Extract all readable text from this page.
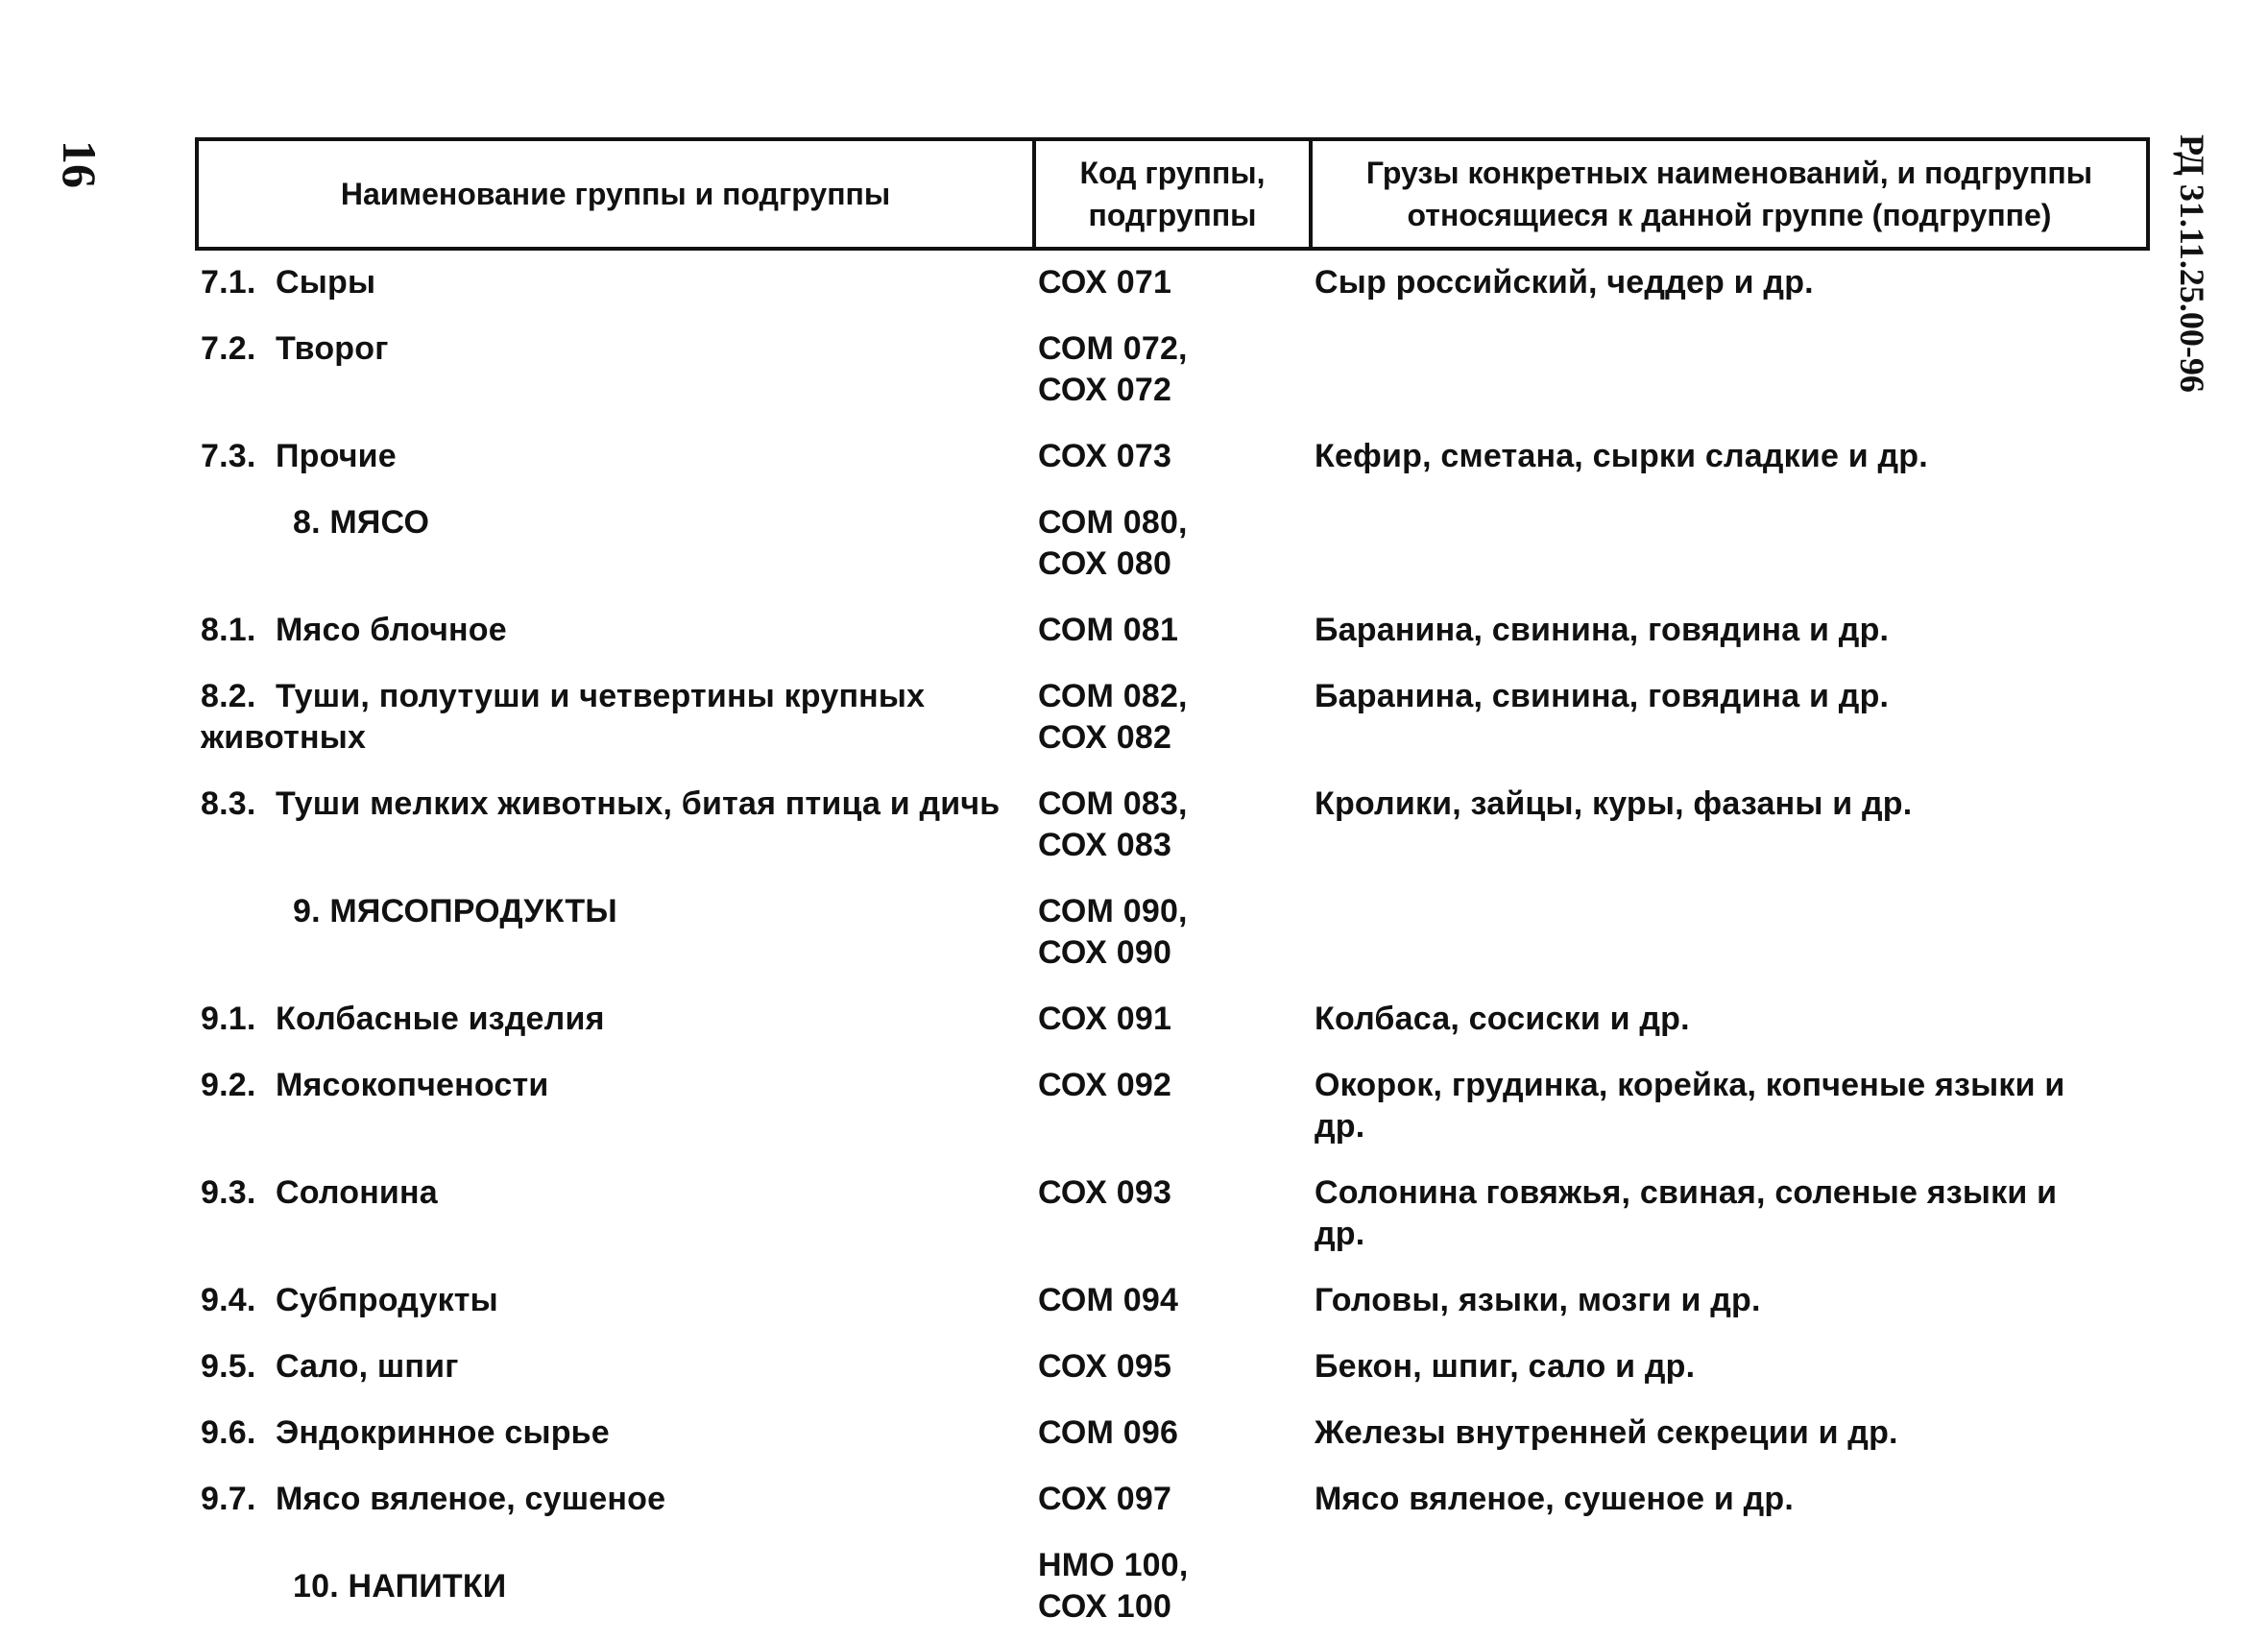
16	РД 31.11.25.00-96
Наименование группы и подгруппы	Код группы, подгруппы	Грузы конкретных наименований, и подгруппы относящиеся к данной группе (подгруппе)
7.1. Сыры	СОХ 071	Сыр российский, чеддер и др.
7.2. Творог	СОМ 072,
СОХ 072	
7.3. Прочие	СОХ 073	Кефир, сметана, сырки сладкие и др.
8. МЯСО	СОМ 080,
СОХ 080	
8.1. Мясо блочное	СОМ 081	Баранина, свинина, говядина и др.
8.2. Туши, полутуши и четвертины крупных животных	СОМ 082,
СОХ 082	Баранина, свинина, говядина и др.
8.3. Туши мелких животных, битая птица и дичь	СОМ 083,
СОХ 083	Кролики, зайцы, куры, фазаны и др.
9. МЯСОПРОДУКТЫ	СОМ 090,
СОХ 090	
9.1. Колбасные изделия	СОХ 091	Колбаса, сосиски и др.
9.2. Мясокопчености	СОХ 092	Окорок, грудинка, корейка, копченые языки и др.
9.3. Солонина	СОХ 093	Солонина говяжья, свиная, соленые языки и др.
9.4. Субпродукты	СОМ 094	Головы, языки, мозги и др.
9.5. Сало, шпиг	СОХ 095	Бекон, шпиг, сало и др.
9.6. Эндокринное сырье	СОМ 096	Железы внутренней секреции и др.
9.7. Мясо вяленое, сушеное	СОХ 097	Мясо вяленое, сушеное и др.
10. НАПИТКИ	НМО 100,
СОХ 100	
